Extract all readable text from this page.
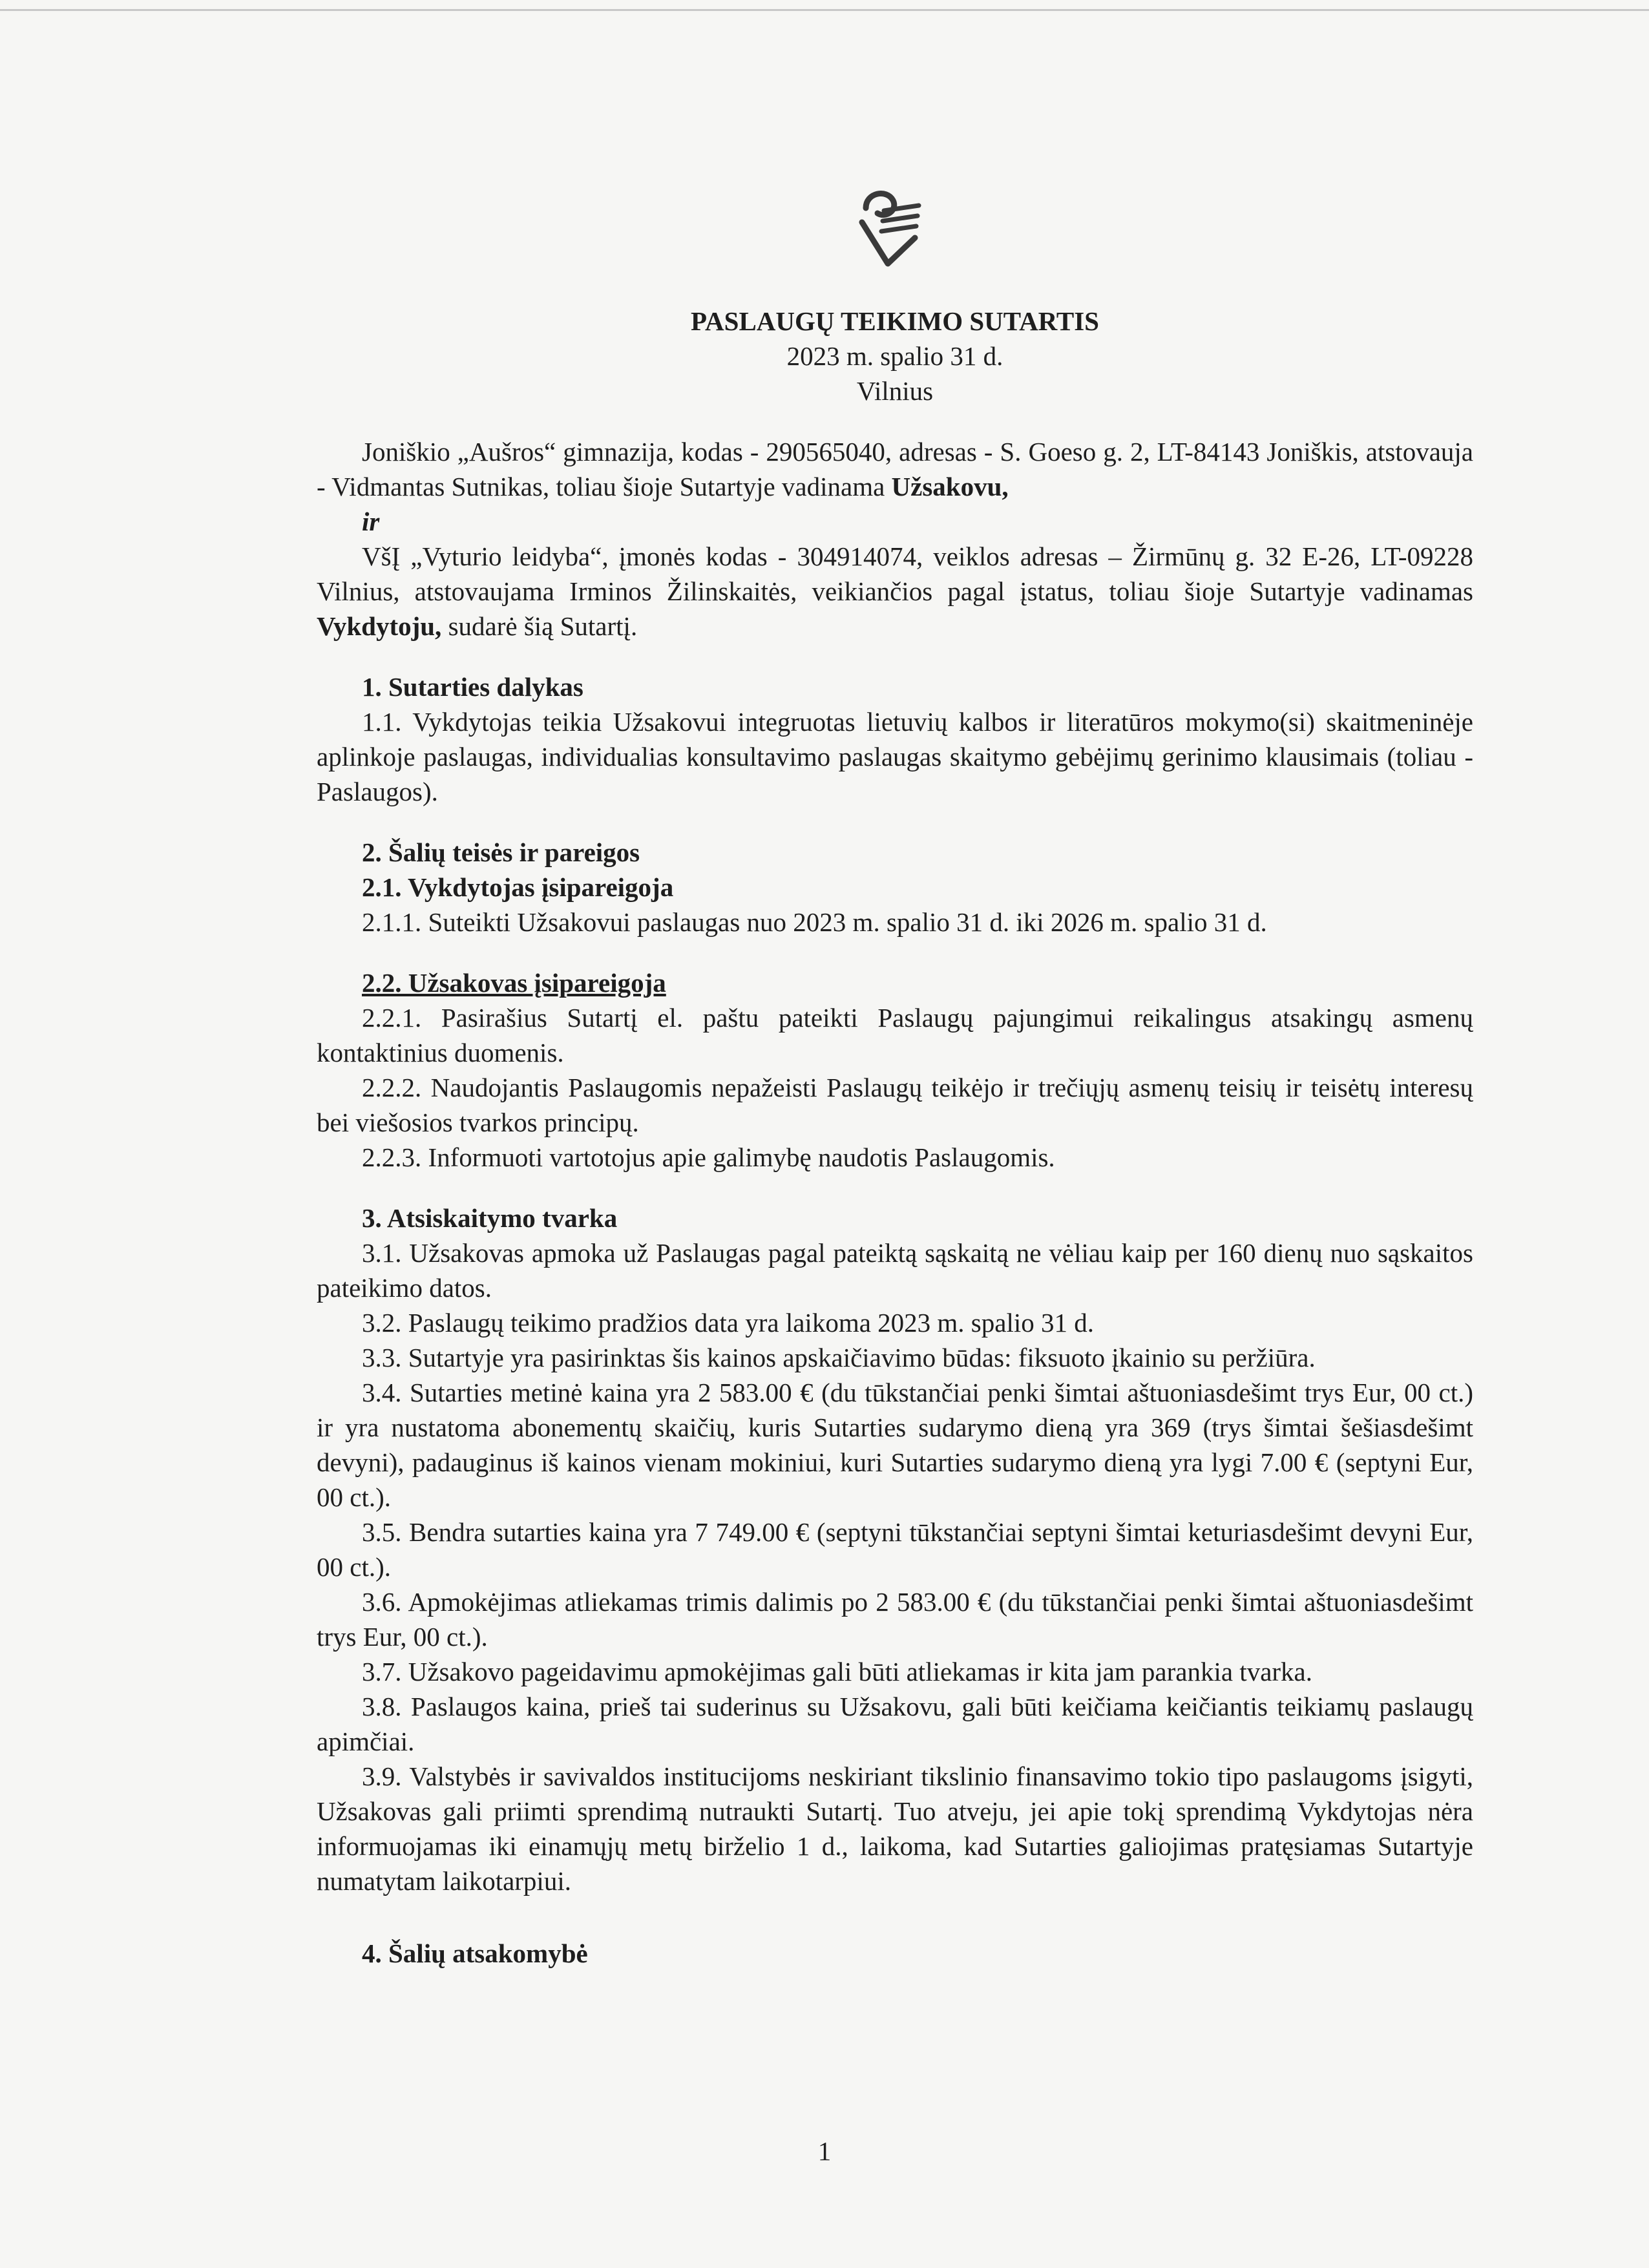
PASLAUGŲ TEIKIMO SUTARTIS

2023 m. spalio 31 d.

Vilnius

Joniškio „Aušros“ gimnazija, kodas - 290565040, adresas - S. Goeso g. 2, LT-84143 Joniškis, atstovauja - Vidmantas Sutnikas, toliau šioje Sutartyje vadinama Užsakovu,

ir

VšĮ „Vyturio leidyba“, įmonės kodas - 304914074, veiklos adresas – Žirmūnų g. 32 E-26, LT-09228 Vilnius, atstovaujama Irminos Žilinskaitės, veikiančios pagal įstatus, toliau šioje Sutartyje vadinamas Vykdytoju, sudarė šią Sutartį.

1. Sutarties dalykas

1.1. Vykdytojas teikia Užsakovui integruotas lietuvių kalbos ir literatūros mokymo(si) skaitmeninėje aplinkoje paslaugas, individualias konsultavimo paslaugas skaitymo gebėjimų gerinimo klausimais (toliau - Paslaugos).

2. Šalių teisės ir pareigos

2.1. Vykdytojas įsipareigoja

2.1.1. Suteikti Užsakovui paslaugas nuo 2023 m. spalio 31 d. iki 2026 m. spalio 31 d.

2.2. Užsakovas įsipareigoja

2.2.1. Pasirašius Sutartį el. paštu pateikti Paslaugų pajungimui reikalingus atsakingų asmenų kontaktinius duomenis.

2.2.2. Naudojantis Paslaugomis nepažeisti Paslaugų teikėjo ir trečiųjų asmenų teisių ir teisėtų interesų bei viešosios tvarkos principų.

2.2.3. Informuoti vartotojus apie galimybę naudotis Paslaugomis.

3. Atsiskaitymo tvarka

3.1. Užsakovas apmoka už Paslaugas pagal pateiktą sąskaitą ne vėliau kaip per 160 dienų nuo sąskaitos pateikimo datos.

3.2. Paslaugų teikimo pradžios data yra laikoma 2023 m. spalio 31 d.

3.3. Sutartyje yra pasirinktas šis kainos apskaičiavimo būdas: fiksuoto įkainio su peržiūra.

3.4. Sutarties metinė kaina yra 2 583.00 € (du tūkstančiai penki šimtai aštuoniasdešimt trys Eur, 00 ct.) ir yra nustatoma abonementų skaičių, kuris Sutarties sudarymo dieną yra 369 (trys šimtai šešiasdešimt devyni), padauginus iš kainos vienam mokiniui, kuri Sutarties sudarymo dieną yra lygi 7.00 € (septyni Eur, 00 ct.).

3.5. Bendra sutarties kaina yra 7 749.00 € (septyni tūkstančiai septyni šimtai keturiasdešimt devyni Eur, 00 ct.).

3.6. Apmokėjimas atliekamas trimis dalimis po 2 583.00 € (du tūkstančiai penki šimtai aštuoniasdešimt trys Eur, 00 ct.).

3.7. Užsakovo pageidavimu apmokėjimas gali būti atliekamas ir kita jam parankia tvarka.

3.8. Paslaugos kaina, prieš tai suderinus su Užsakovu, gali būti keičiama keičiantis teikiamų paslaugų apimčiai.

3.9. Valstybės ir savivaldos institucijoms neskiriant tikslinio finansavimo tokio tipo paslaugoms įsigyti, Užsakovas gali priimti sprendimą nutraukti Sutartį. Tuo atveju, jei apie tokį sprendimą Vykdytojas nėra informuojamas iki einamųjų metų birželio 1 d., laikoma, kad Sutarties galiojimas pratęsiamas Sutartyje numatytam laikotarpiui.

4. Šalių atsakomybė

1
